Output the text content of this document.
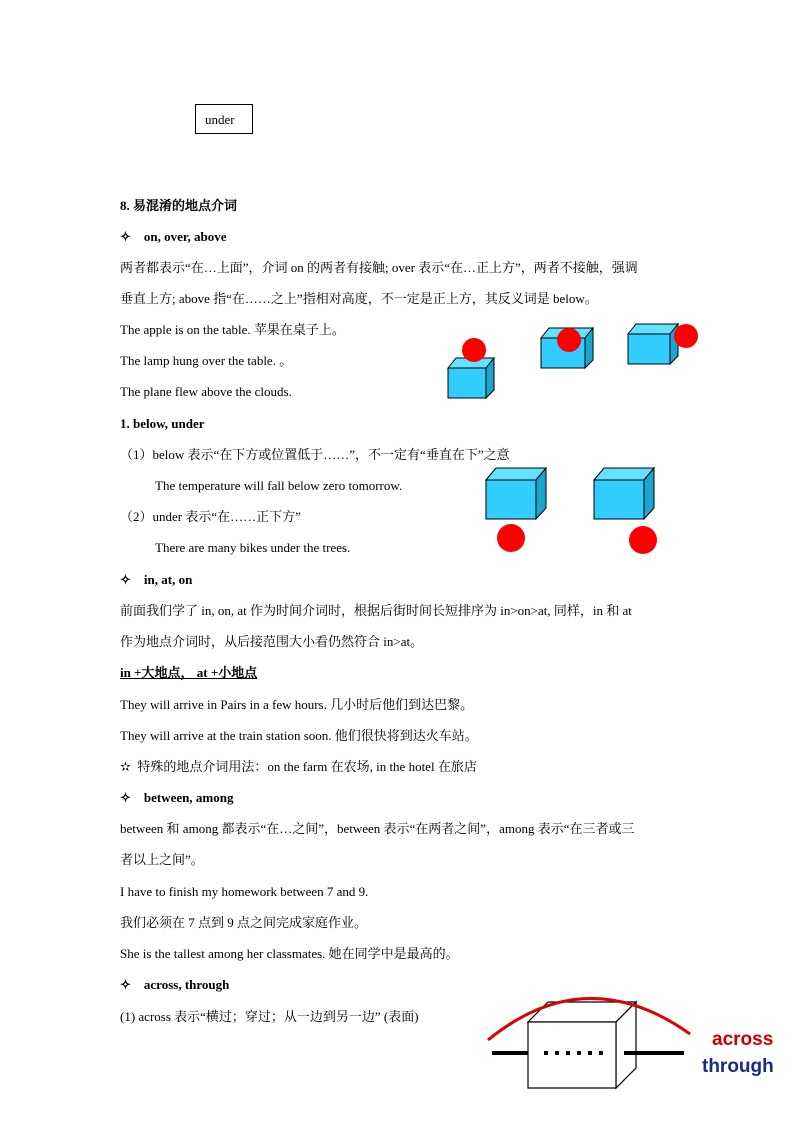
under
8. 易混淆的地点介词
✧ on, over, above
两者都表示“在…上面”，介词 on 的两者有接触; over 表示“在…正上方”，两者不接触，强调
垂直上方; above 指“在……之上”指相对高度，不一定是正上方，其反义词是 below。
The apple is on the table. 苹果在桌子上。
The lamp hung over the table. 。
The plane flew above the clouds.
1. below, under
（1）below 表示“在下方或位置低于……”，不一定有“垂直在下”之意
The temperature will fall below zero tomorrow.
（2）under 表示“在……正下方”
There are many bikes under the trees.
✧ in, at, on
前面我们学了 in, on, at 作为时间介词时，根据后街时间长短排序为 in>on>at, 同样，in 和 at
作为地点介词时，从后接范围大小看仍然符合 in>at。
in +大地点， at +小地点
They will arrive in Pairs in a few hours. 几小时后他们到达巴黎。
They will arrive at the train station soon. 他们很快将到达火车站。
✫ 特殊的地点介词用法：on the farm 在农场, in the hotel 在旅店
✧ between, among
between 和 among 都表示“在…之间”，between 表示“在两者之间”，among 表示“在三者或三
者以上之间”。
I have to finish my homework between 7 and 9.
我们必须在 7 点到 9 点之间完成家庭作业。
She is the tallest among her classmates. 她在同学中是最高的。
✧ across, through
(1) across 表示“横过；穿过；从一边到另一边” (表面)
across
through
